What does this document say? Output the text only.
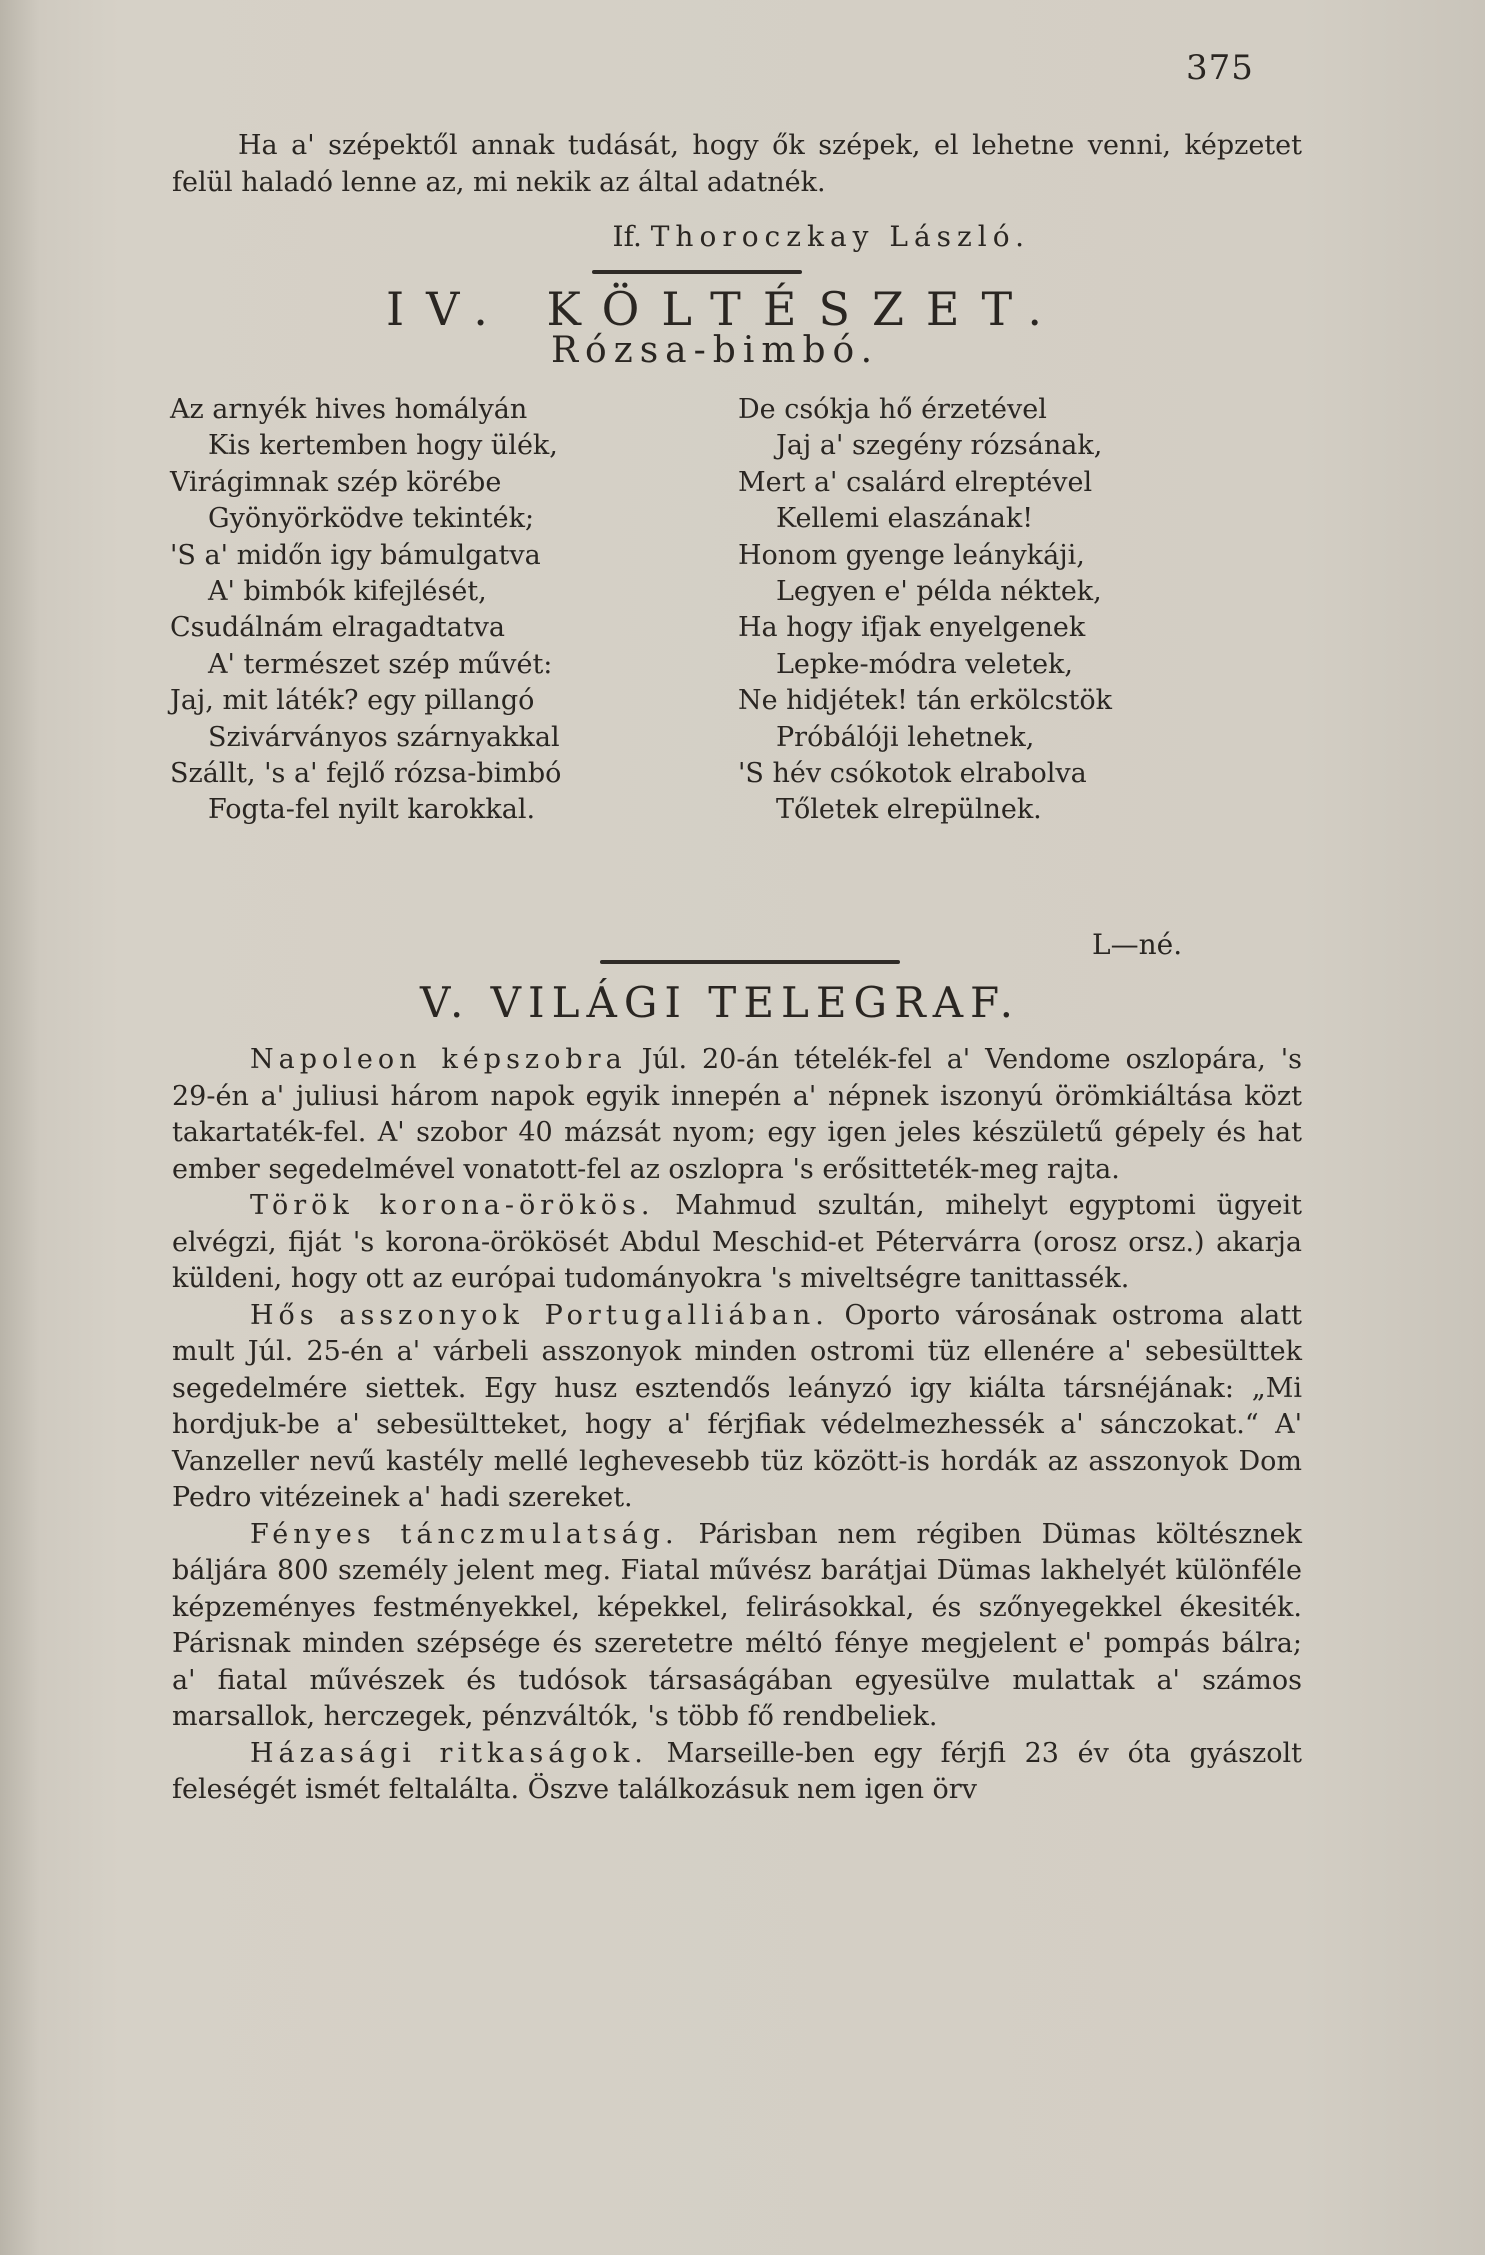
375

Ha a' szépektől annak tudását, hogy ők szépek, el lehetne venni, képzetet felül haladó lenne az, mi nekik az által adatnék.

If. Thoroczkay László.
IV. KÖLTÉSZET.
Rózsa-bimbó.
Az arnyék hives homályán
Kis kertemben hogy ülék,
Virágimnak szép körébe
Gyönyörködve tekinték;
'S a' midőn igy bámulgatva
A' bimbók kifejlését,
Csudálnám elragadtatva
A' természet szép művét:
Jaj, mit láték? egy pillangó
Szivárványos szárnyakkal
Szállt, 's a' fejlő rózsa-bimbó
Fogta-fel nyilt karokkal.
De csókja hő érzetével
Jaj a' szegény rózsának,
Mert a' csalárd elreptével
Kellemi elaszának!
Honom gyenge leánykáji,
Legyen e' példa néktek,
Ha hogy ifjak enyelgenek
Lepke-módra veletek,
Ne hidjétek! tán erkölcstök
Próbálóji lehetnek,
'S hév csókotok elrabolva
Tőletek elrepülnek.
L—né.
V. VILÁGI TELEGRAF.

Napoleon képszobra Júl. 20-án tételék-fel a' Vendome oszlopára, 's 29-én a' juliusi három napok egyik innepén a' népnek iszonyú örömkiáltása közt takartaték-fel. A' szobor 40 mázsát nyom; egy igen jeles készületű gépely és hat ember segedelmével vonatott-fel az oszlopra 's erősitteték-meg rajta.

Török korona-örökös. Mahmud szultán, mihelyt egyptomi ügyeit elvégzi, fiját 's korona-örökösét Abdul Meschid-et Pétervárra (orosz orsz.) akarja küldeni, hogy ott az európai tudományokra 's miveltségre tanittassék.

Hős asszonyok Portugalliában. Oporto városának ostroma alatt mult Júl. 25-én a' várbeli asszonyok minden ostromi tüz ellenére a' sebesülttek segedelmére siettek. Egy husz esztendős leányzó igy kiálta társnéjának: „Mi hordjuk-be a' sebesültteket, hogy a' férjfiak védelmezhessék a' sánczokat.“ A' Vanzeller nevű kastély mellé leghevesebb tüz között-is hordák az asszonyok Dom Pedro vitézeinek a' hadi szereket.

Fényes tánczmulatság. Párisban nem régiben Dümas költésznek báljára 800 személy jelent meg. Fiatal művész barátjai Dümas lakhelyét különféle képzeményes festményekkel, képekkel, felirásokkal, és szőnyegekkel ékesiték. Párisnak minden szépsége és szeretetre méltó fénye megjelent e' pompás bálra; a' fiatal művészek és tudósok társaságában egyesülve mulattak a' számos marsallok, herczegek, pénzváltók, 's több fő rendbeliek.

Házasági ritkaságok. Marseille-ben egy férjfi 23 év óta gyászolt feleségét ismét feltalálta. Öszve találkozásuk nem igen örv
